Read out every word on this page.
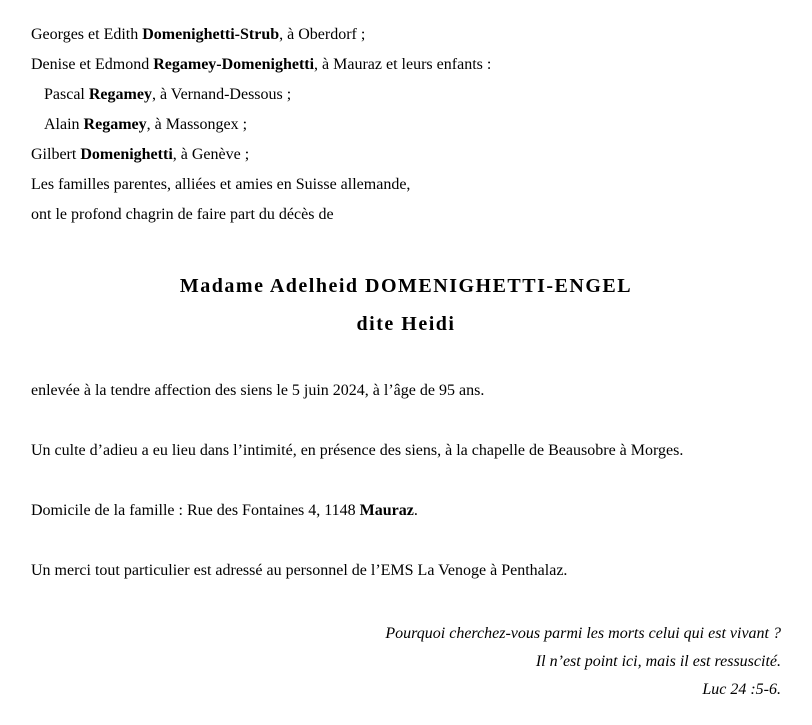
Georges et Edith Domenighetti-Strub, à Oberdorf ;

Denise et Edmond Regamey-Domenighetti, à Mauraz et leurs enfants :

Pascal Regamey, à Vernand-Dessous ;

Alain Regamey, à Massongex ;

Gilbert Domenighetti, à Genève ;

Les familles parentes, alliées et amies en Suisse allemande,

ont le profond chagrin de faire part du décès de

Madame Adelheid DOMENIGHETTI-ENGEL
dite Heidi

enlevée à la tendre affection des siens le 5 juin 2024, à l’âge de 95 ans.

Un culte d’adieu a eu lieu dans l’intimité, en présence des siens, à la chapelle de Beausobre à Morges.

Domicile de la famille : Rue des Fontaines 4, 1148 Mauraz.

Un merci tout particulier est adressé au personnel de l’EMS La Venoge à Penthalaz.

Pourquoi cherchez-vous parmi les morts celui qui est vivant ?

Il n’est point ici, mais il est ressuscité.

Luc 24 :5-6.
